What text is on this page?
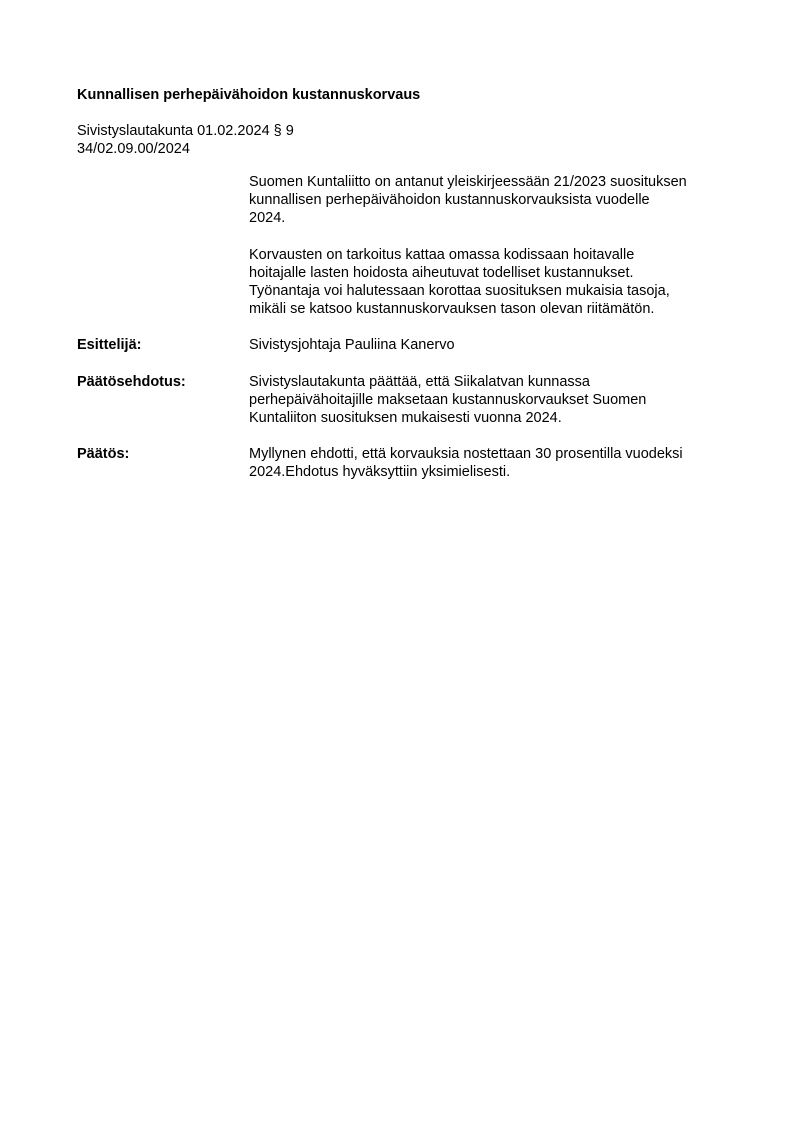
Kunnallisen perhepäivähoidon kustannuskorvaus
Sivistyslautakunta 01.02.2024 § 9
34/02.09.00/2024

Suomen Kuntaliitto on antanut yleiskirjeessään 21/2023 suosituksen
kunnallisen perhepäivähoidon kustannuskorvauksista vuodelle
2024.

Korvausten on tarkoitus kattaa omassa kodissaan hoitavalle
hoitajalle lasten hoidosta aiheutuvat todelliset kustannukset.
Työnantaja voi halutessaan korottaa suosituksen mukaisia tasoja,
mikäli se katsoo kustannuskorvauksen tason olevan riitämätön.

Esittelijä:	Sivistysjohtaja Pauliina Kanervo
Päätösehdotus:	Sivistyslautakunta päättää, että Siikalatvan kunnassa
perhepäivähoitajille maksetaan kustannuskorvaukset Suomen
Kuntaliiton suosituksen mukaisesti vuonna 2024.
Päätös:	Myllynen ehdotti, että korvauksia nostettaan 30 prosentilla vuodeksi
2024.Ehdotus hyväksyttiin yksimielisesti.
